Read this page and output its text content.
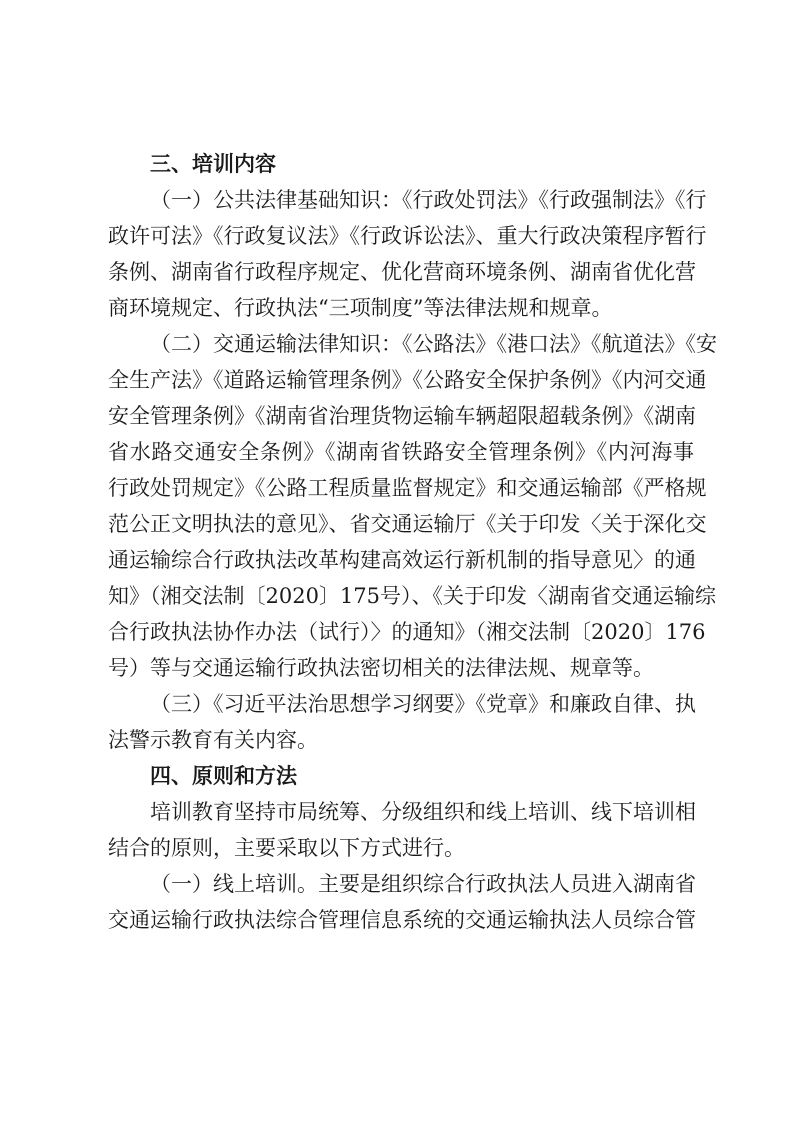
三、培训内容

（一）公共法律基础知识：《行政处罚法》《行政强制法》《行
政许可法》《行政复议法》《行政诉讼法》、重大行政决策程序暂行
条例、湖南省行政程序规定、优化营商环境条例、湖南省优化营
商环境规定、行政执法“三项制度”等法律法规和规章。

（二）交通运输法律知识：《公路法》《港口法》《航道法》《安
全生产法》《道路运输管理条例》《公路安全保护条例》《内河交通
安全管理条例》《湖南省治理货物运输车辆超限超载条例》《湖南
省水路交通安全条例》《湖南省铁路安全管理条例》《内河海事
行政处罚规定》《公路工程质量监督规定》和交通运输部《严格规
范公正文明执法的意见》、省交通运输厅《关于印发〈关于深化交
通运输综合行政执法改革构建高效运行新机制的指导意见〉的通
知》（湘交法制〔2020〕175号）、《关于印发〈湖南省交通运输综
合行政执法协作办法（试行）〉的通知》（湘交法制〔2020〕176
号）等与交通运输行政执法密切相关的法律法规、规章等。

（三）《习近平法治思想学习纲要》《党章》和廉政自律、执
法警示教育有关内容。

四、原则和方法

培训教育坚持市局统筹、分级组织和线上培训、线下培训相
结合的原则，主要采取以下方式进行。

（一）线上培训。主要是组织综合行政执法人员进入湖南省
交通运输行政执法综合管理信息系统的交通运输执法人员综合管
